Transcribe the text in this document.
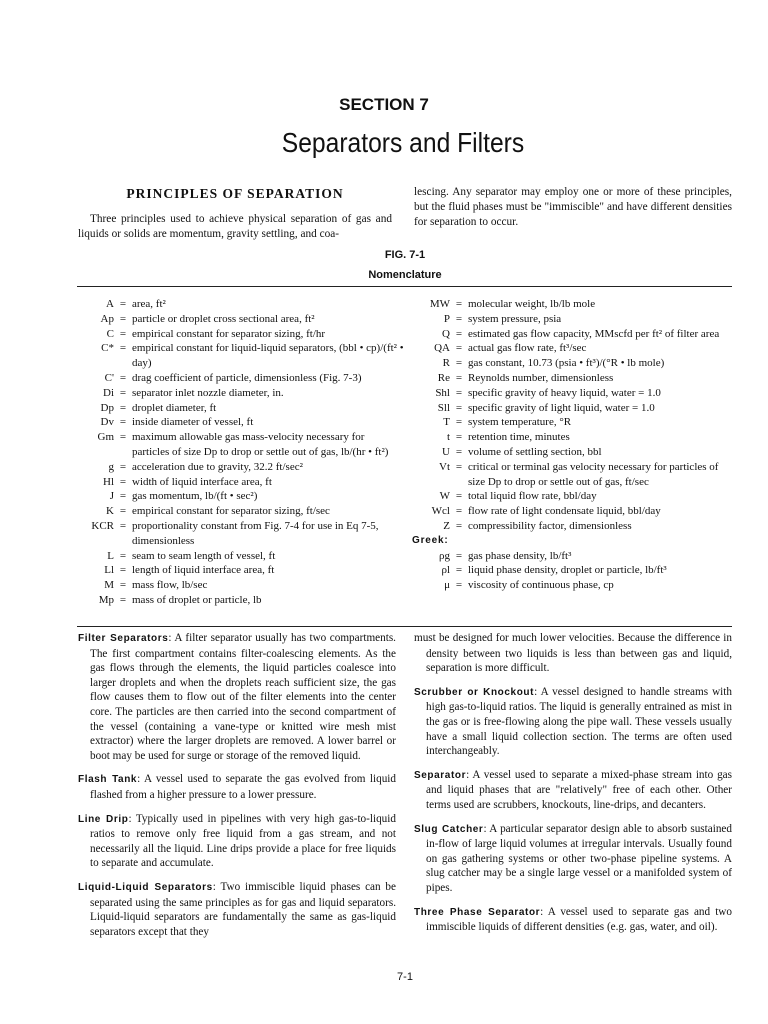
SECTION 7
Separators and Filters
PRINCIPLES OF SEPARATION

Three principles used to achieve physical separation of gas and liquids or solids are momentum, gravity settling, and coa-

lescing. Any separator may employ one or more of these principles, but the fluid phases must be "immiscible" and have different densities for separation to occur.

FIG. 7-1
Nomenclature
A = area, ft²
Ap = particle or droplet cross sectional area, ft²
C = empirical constant for separator sizing, ft/hr
C* = empirical constant for liquid-liquid separators, (bbl • cp)/(ft² • day)
C' = drag coefficient of particle, dimensionless (Fig. 7-3)
Di = separator inlet nozzle diameter, in.
Dp = droplet diameter, ft
Dv = inside diameter of vessel, ft
Gm = maximum allowable gas mass-velocity necessary for particles of size Dp to drop or settle out of gas, lb/(hr • ft²)
g = acceleration due to gravity, 32.2 ft/sec²
Hl = width of liquid interface area, ft
J = gas momentum, lb/(ft • sec²)
K = empirical constant for separator sizing, ft/sec
KCR = proportionality constant from Fig. 7-4 for use in Eq 7-5, dimensionless
L = seam to seam length of vessel, ft
Ll = length of liquid interface area, ft
M = mass flow, lb/sec
Mp = mass of droplet or particle, lb
MW = molecular weight, lb/lb mole
P = system pressure, psia
Q = estimated gas flow capacity, MMscfd per ft² of filter area
QA = actual gas flow rate, ft³/sec
R = gas constant, 10.73 (psia • ft³)/(°R • lb mole)
Re = Reynolds number, dimensionless
Shl = specific gravity of heavy liquid, water = 1.0
Sll = specific gravity of light liquid, water = 1.0
T = system temperature, °R
t = retention time, minutes
U = volume of settling section, bbl
Vt = critical or terminal gas velocity necessary for particles of size Dp to drop or settle out of gas, ft/sec
W = total liquid flow rate, bbl/day
Wcl = flow rate of light condensate liquid, bbl/day
Z = compressibility factor, dimensionless
Greek:
ρg = gas phase density, lb/ft³
ρl = liquid phase density, droplet or particle, lb/ft³
μ = viscosity of continuous phase, cp
Filter Separators: A filter separator usually has two compartments. The first compartment contains filter-coalescing elements. As the gas flows through the elements, the liquid particles coalesce into larger droplets and when the droplets reach sufficient size, the gas flow causes them to flow out of the filter elements into the center core. The particles are then carried into the second compartment of the vessel (containing a vane-type or knitted wire mesh mist extractor) where the larger droplets are removed. A lower barrel or boot may be used for surge or storage of the removed liquid.
Flash Tank: A vessel used to separate the gas evolved from liquid flashed from a higher pressure to a lower pressure.
Line Drip: Typically used in pipelines with very high gas-to-liquid ratios to remove only free liquid from a gas stream, and not necessarily all the liquid. Line drips provide a place for free liquids to separate and accumulate.
Liquid-Liquid Separators: Two immiscible liquid phases can be separated using the same principles as for gas and liquid separators. Liquid-liquid separators are fundamentally the same as gas-liquid separators except that they
must be designed for much lower velocities. Because the difference in density between two liquids is less than between gas and liquid, separation is more difficult.
Scrubber or Knockout: A vessel designed to handle streams with high gas-to-liquid ratios. The liquid is generally entrained as mist in the gas or is free-flowing along the pipe wall. These vessels usually have a small liquid collection section. The terms are often used interchangeably.
Separator: A vessel used to separate a mixed-phase stream into gas and liquid phases that are "relatively" free of each other. Other terms used are scrubbers, knockouts, line-drips, and decanters.
Slug Catcher: A particular separator design able to absorb sustained in-flow of large liquid volumes at irregular intervals. Usually found on gas gathering systems or other two-phase pipeline systems. A slug catcher may be a single large vessel or a manifolded system of pipes.
Three Phase Separator: A vessel used to separate gas and two immiscible liquids of different densities (e.g. gas, water, and oil).
7-1
